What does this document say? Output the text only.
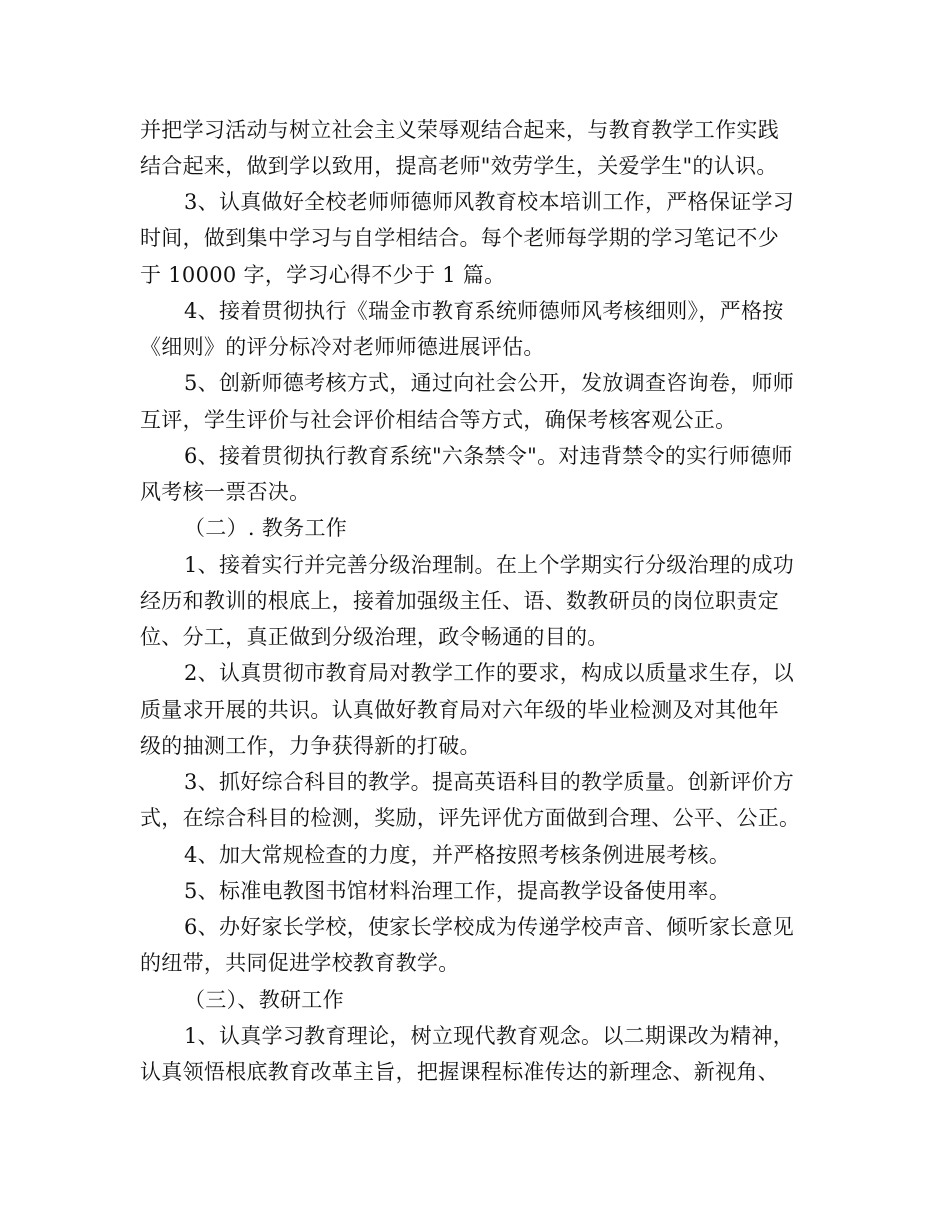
并把学习活动与树立社会主义荣辱观结合起来，与教育教学工作实践
结合起来，做到学以致用，提高老师"效劳学生，关爱学生"的认识。
3、认真做好全校老师师德师风教育校本培训工作，严格保证学习
时间，做到集中学习与自学相结合。每个老师每学期的学习笔记不少
于 10000 字，学习心得不少于 1 篇。
4、接着贯彻执行《瑞金市教育系统师德师风考核细则》，严格按
《细则》的评分标冷对老师师德进展评估。
5、创新师德考核方式，通过向社会公开，发放调查咨询卷，师师
互评，学生评价与社会评价相结合等方式，确保考核客观公正。
6、接着贯彻执行教育系统"六条禁令"。对违背禁令的实行师德师
风考核一票否决。
（二）. 教务工作
1、接着实行并完善分级治理制。在上个学期实行分级治理的成功
经历和教训的根底上，接着加强级主任、语、数教研员的岗位职责定
位、分工，真正做到分级治理，政令畅通的目的。
2、认真贯彻市教育局对教学工作的要求，构成以质量求生存，以
质量求开展的共识。认真做好教育局对六年级的毕业检测及对其他年
级的抽测工作，力争获得新的打破。
3、抓好综合科目的教学。提高英语科目的教学质量。创新评价方
式，在综合科目的检测，奖励，评先评优方面做到合理、公平、公正。
4、加大常规检查的力度，并严格按照考核条例进展考核。
5、标准电教图书馆材料治理工作，提高教学设备使用率。
6、办好家长学校，使家长学校成为传递学校声音、倾听家长意见
的纽带，共同促进学校教育教学。
（三）、教研工作
1、认真学习教育理论，树立现代教育观念。以二期课改为精神，
认真领悟根底教育改革主旨，把握课程标准传达的新理念、新视角、
